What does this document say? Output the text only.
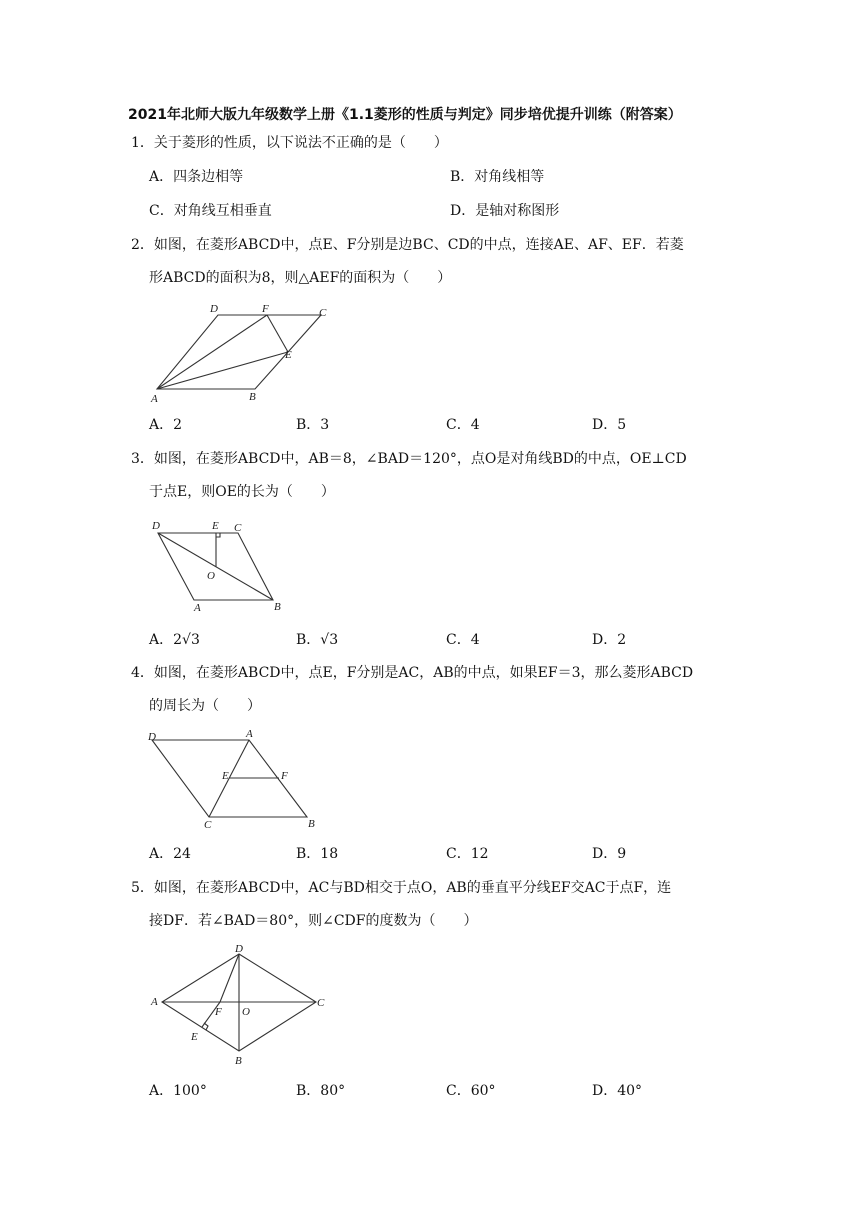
2021年北师大版九年级数学上册《1.1菱形的性质与判定》同步培优提升训练（附答案）
1．关于菱形的性质，以下说法不正确的是（　　）
A．四条边相等	B．对角线相等
C．对角线互相垂直	D．是轴对称图形
2．如图，在菱形ABCD中，点E、F分别是边BC、CD的中点，连接AE、AF、EF．若菱
形ABCD的面积为8，则△AEF的面积为（　　）
D	F	C
E
A	B
A．2	B．3	C．4	D．5
3．如图，在菱形ABCD中，AB＝8，∠BAD＝120°，点O是对角线BD的中点，OE⊥CD
于点E，则OE的长为（　　）
D	E C
O
A	B
A．2√3	B．√3	C．4	D．2
4．如图，在菱形ABCD中，点E，F分别是AC，AB的中点，如果EF＝3，那么菱形ABCD
的周长为（　　）
D	A
E	F
C	B
A．24	B．18	C．12	D．9
5．如图，在菱形ABCD中，AC与BD相交于点O，AB的垂直平分线EF交AC于点F，连
接DF．若∠BAD＝80°，则∠CDF的度数为（　　）
D
A	C
F O
E
B
A．100°	B．80°	C．60°	D．40°
